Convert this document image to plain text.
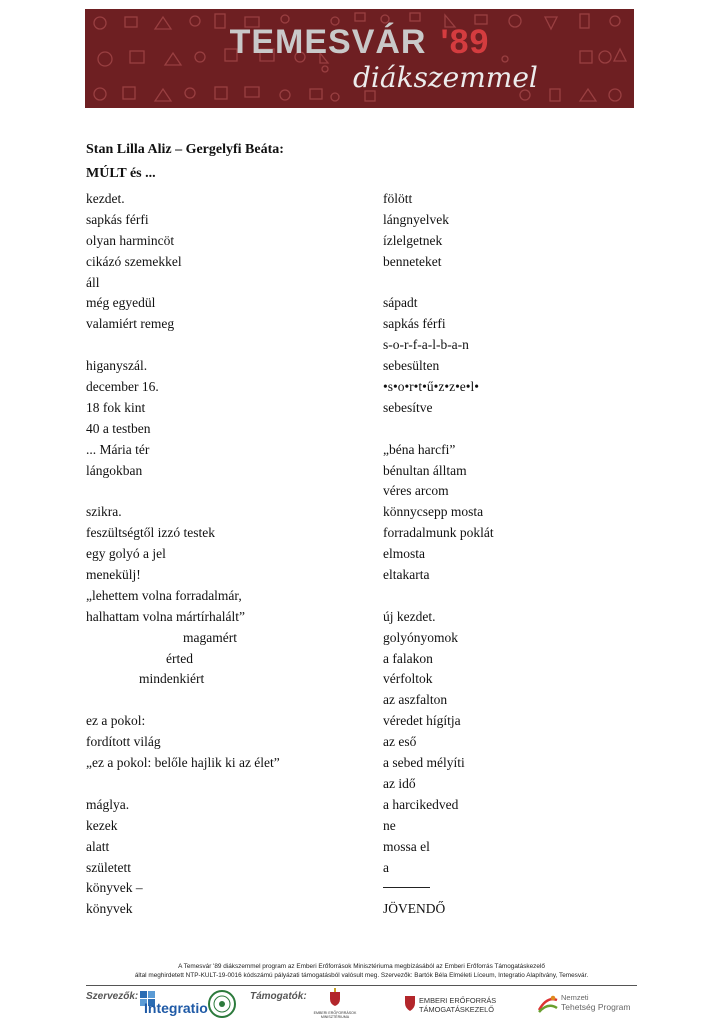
TEMESVÁR '89
diákszemmel
Stan Lilla Aliz – Gergelyfi Beáta:
MÚLT és ...
kezdet.
sapkás férfi
olyan harmincöt
cikázó szemekkel
áll
még egyedül
valamiért remeg
higanyszál.
december 16.
18 fok kint
40 a testben
... Mária tér
lángokban
szikra.
feszültségtől izzó testek
egy golyó a jel
menekülj!
„lehettem volna forradalmár,
halhattam volna mártírhalált”
magamért
érted
mindenkiért
ez a pokol:
fordított világ
„ez a pokol: belőle hajlik ki az élet”
máglya.
kezek
alatt
született
könyvek –
könyvek
fölött
lángnyelvek
ízlelgetnek
benneteket
sápadt
sapkás férfi
s-o-r-f-a-l-b-a-n
sebesülten
•s•o•r•t•ű•z•z•e•l•
sebesítve
„béna harcfi”
bénultan álltam
véres arcom
könnycsepp mosta
forradalmunk poklát
elmosta
eltakarta
új kezdet.
golyónyomok
a falakon
vérfoltok
az aszfalton
véredet hígítja
az eső
a sebed mélyíti
az idő
a harcikedved
ne
mossa el
a
JÖVENDŐ
A Temesvár '89 diákszemmel program az Emberi Erőforrások Minisztériuma megbízásából az Emberi Erőforrás Támogatáskezelő
által meghirdetett NTP-KULT-19-0016 kódszámú pályázati támogatásból valósult meg. Szervezők: Bartók Béla Elméleti Líceum, Integratio Alapítvány, Temesvár.
Szervezők:
Integratio
Támogatók:
EMBERI ERŐFORRÁSOK
MINISZTÉRIUMA
EMBERI ERŐFORRÁS
TÁMOGATÁSKEZELŐ
Nemzeti
Tehetség Program
